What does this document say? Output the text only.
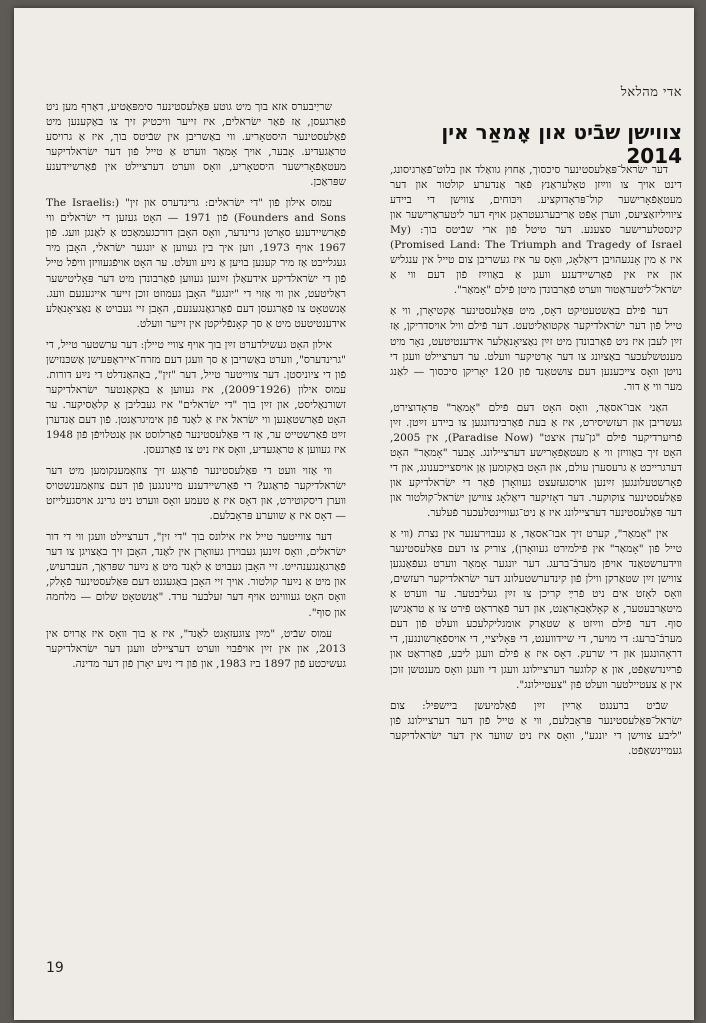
אדי מהלאל
צווישן שבֿיט און אָמאַר אין 2014

דער ישׂראל־פּאַלעסטינער סיכסוך, אַחוץ גוואַלד און בלוט־פֿאַרגיסונג, דינט אויך צו ווײַזן טאָלעראַנץ פֿאַר אַנדערע קולטור און דער מעטאַפֿאָרישער קול־פּראָדוקציע. ויכּוחים, צווישן די ביידע ציוויליזאַציעס, ווערן אָפֿט אַריבערגעטראָגן אויף דער ליטעראַרישער און קינסטלערישער סצענע. דער טיטל פֿון ארי שבֿיטס בוך: (My Promised Land: The Triumph and Tragedy of Israel) איז אַ מין אָנגעהויבן דיאַלאָג, וואָס ער איז געשריבן צום טייל אין ענגליש און איז אין פֿאַרשיידענע וועגן אַ באַווײַז פֿון דעם ווי אַ ישׂראל־ליטעראַטור ווערט פֿאַרבונדן מיטן פֿילם "אָמאַר".

דער פֿילם באַשטעטיקט דאָס, מיט פּאַלעסטינער אַקטיאָרן, ווי אַ טייל פֿון דער ישׂראלדיקער אַקטואַליטעט. דער פֿילם וויל אויסדריקן, אַז זײַן לעבן איז ניט פֿאַרבונדן מיט זײַן נאַציאָנאַלער אידענטיטעט, נאָר מיט מענטשלעכער באַציִונג צו דער אָרטיקער וועלט. ער דערציילט וועגן די נויטן וואָס צייכענען דעם צושטאַנד פֿון 120 יאָריקן סיכסוך — לאַנג מער ווי אַ דור.

האַני אבו־אסאַד, וואָס האָט דעם פֿילם "אָמאַר" פּראָדוצירט, געשריבן און רעזשיסירט, איז אַ בעת פֿאַרבינדונגען צו ביידע זײַטן. זײַן פֿריִערדיקער פֿילם "גן־עדן איצט" (Paradise Now), אין 2005, האָט זיך באַוויזן ווי אַ מעטאַפֿאָרישע דערציילונג. אָבער "אָמאַר" האָט דערגרייכט אַ גרעסערן עולם, און האָט באַקומען אַן אויסצייכענונג, און די פֿאָרשטעלונגען זײַנען אויסגעזעצט געוואָרן פֿאַר די ישׂראלדיקע און פּאַלעסטינער צוקוקער. דער דאָזיקער דיאַלאָג צווישן ישׂראל־קולטור און דער פּאַלעסטינער דערציילונג איז אַ ניט־געוויינטלעכער פֿעלער.

אין "אָמאַר", קערט זיך אבו־אסאַד, אַ געבוירענער אין נצרת (ווי אַ טייל פֿון "אָמאַר" אין פֿילמירט געוואָרן), צוריק צו דעם פּאַלעסטינער ווידערשטאַנד אויפֿן מערבֿ־ברעג. דער יונגער אָמאַר ווערט געפֿאַנגען צווישן זײַן שטאַרקן ווילן פֿון קינדערשטעלונג דער ישׂראלדיקער רעזשים, וואָס לאָזט אים ניט פֿרײַ קריכן צו זײַן געליבטער. ער ווערט אַ מיטאַרבעטער, אַ קאָלאַבאָראַנט, און דער פֿאַרראַט פֿירט צו אַ טראַגישן סוף. דער פֿילם ווײַזט אַ שטאַרק אומגליקלעכע וועלט פֿון דעם מערבֿ־ברעג: די מויער, די שיידווענט, די פּאָליציי, די אויספֿאָרשונגען, די דראָהונגען און די שרעק. דאָס איז אַ פֿילם וועגן ליבע, פֿאַרראַט און פֿרײַנדשאַפֿט, און אַ קלוגער דערציילונג וועגן די וועגן וואָס מענטשן זוכן אין אַ צעטיילטער וועלט פֿון "צעטיילונג".

שבֿיט ברענגט אַרײַן זײַן פֿאַלמיעשן ביישפּיל: צום ישׂראל־פּאַלעסטינער פּראָבלעם, ווי אַ טייל פֿון דער דערציילונג פֿון "ליבע צווישן די יונגע", וואָס איז ניט שווער אין דער ישׂראלדיקער געמיינשאַפֿט.

שריַיבערס אזא בוך מיט גוטע פּאַלעסטינער סימפּאַטיע, דאַרף מען ניט פֿאַרגעסן, אַז פֿאַר ישׂראלים, איז זייער וויכטיק זיך צו באַקענען מיט פֿאַלעסטינער היסטאָריע. ווי באַשריבן אין שבֿיטס בוך, איז אַ גרויסע טראַגעדיע. אָבער, אויך אָמאַר ווערט אַ טייל פֿון דער ישׂראלדיקער מעטאַפֿאָרישער היסטאָריע, וואָס ווערט דערציילט אין פֿאַרשיידענע שפּראַכן.

עמוס אילון פֿון "די ישׂראלים: גרינדערס און זין" (The Israelis: Founders and Sons) פֿון 1971 — האָט געזען די ישׂראלים ווי פֿאַרשיידענע סאָרטן גרינדער, וואָס האָבן דורכגעמאַכט אַ לאַנגן וועג. פֿון 1967 אויף 1973, ווען איך בין געווען אַ יונגער ישׂראלי, האָבן מיר געגלייבט אַז מיר קענען בויען אַ נײַע וועלט. ער האָט אויפֿגעוויזן וויפֿל טייל פֿון די ישׂראלדיקע אידעאַלן זײַנען געווען פֿאַרבונדן מיט דער פּאָליטישער ראַליטעט, און ווי אַזוי די "יונגע" האָבן געמוזט זוכן זייער אייגענעם וועג. אַנשטאָט צו פֿאַרגעסן דעם פֿאַרגאַנגענעם, האָבן זיי געבויט אַ נאַציאָנאַלע אידענטיטעט מיט אַ סך קאָנפֿליקטן אין זייער וועלט.

אילון האָט געשילדערט זײַן בוך אויף צוויי טיילן: דער ערשטער טייל, די "גרינדערס", ווערט באַשריבן אַ סך וועגן דעם מזרח־אייראָפּעישן אַשכּנזישן פֿון די ציוניסטן. דער צווייטער טייל, דער "זין", באַהאַנדלט די נײַע דורות. עמוס אילון (1926־2009), איז געווען אַ באַקאַנטער ישׂראלדיקער זשורנאַליסט, און זײַן בוך "די ישׂראלים" איז געבליבן אַ קלאַסיקער. ער האָט פֿאַרשטאַנען ווי ישׂראל איז אַ לאַנד פֿון אימיגראַנטן. פֿון דעם אַנדערן זײַט פֿאַרשטייט ער, אַז די פּאַלעסטינער פֿאַרלוסט און אַנטלויפֿן פֿון 1948 איז געווען אַ טראַגעדיע, וואָס איז ניט צו פֿאַרגעסן.

ווי אַזוי וועט די פּאַלעסטינער פֿראַגע זיך צוזאַמענקומען מיט דער ישׂראלדיקער פֿראַגע? די פֿאַרשיידענע מיינונגען פֿון דעם צוזאַמענשטויס ווערן דיסקוטירט, און דאָס איז אַ טעמע וואָס ווערט ניט גרינג אויסגעלייזט — דאָס איז אַ שווערע פּראָבלעם.

דער צווייטער טייל איז אילונס בוך "די זין", דערציילט וועגן ווי די דור ישׂראלים, וואָס זײַנען געבוירן געוואָרן אין לאַנד, האָבן זיך באַצויגן צו דער פֿאַרגאַנגענהייט. זיי האָבן געבויט אַ לאַנד מיט אַ נײַער שפּראַך, העברעיִש, און מיט אַ נײַער קולטור. אויך זיי האָבן באַגעגנט דעם פּאַלעסטינער פֿאָלק, וואָס האָט געוווינט אויף דער זעלבער ערד. "אַנשטאָט שלום — מלחמה און סוף".

עמוס שבֿיט, "מײַן צוגעזאָגט לאַנד", איז אַ בוך וואָס איז אַרויס אין 2013, און אין זײַן אויפֿבוי ווערט דערציילט וועגן דער ישׂראלדיקער געשיכטע פֿון 1897 ביז 1983, און פֿון די נײַע יאָרן פֿון דער מדינה.

19
